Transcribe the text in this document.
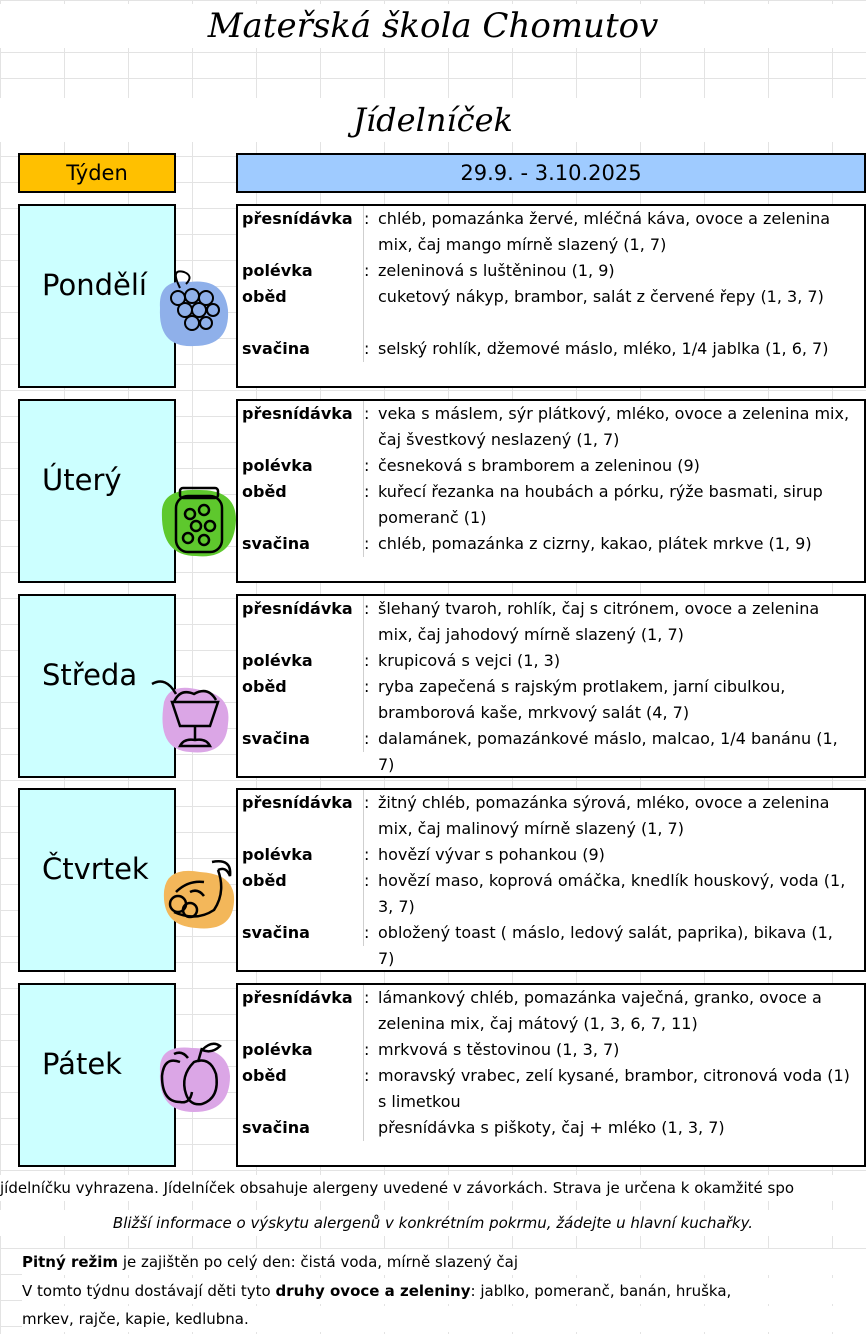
Mateřská škola Chomutov
Jídelníček
Týden	29.9. - 3.10.2025
Pondělí
přesnídávka : chléb, pomazánka žervé, mléčná káva, ovoce a zelenina mix, čaj mango mírně slazený (1, 7)
polévka	: zeleninová s luštěninou (1, 9)
oběd	cuketový nákyp, brambor, salát z červené řepy (1, 3, 7)
svačina	: selský rohlík, džemové máslo, mléko, 1/4 jablka (1, 6, 7)
Úterý
přesnídávka : veka s máslem, sýr plátkový, mléko, ovoce a zelenina mix, čaj švestkový neslazený (1, 7)
polévka	: česneková s bramborem a zeleninou (9)
oběd	: kuřecí řezanka na houbách a pórku, rýže basmati, sirup pomeranč (1)
svačina	: chléb, pomazánka z cizrny, kakao, plátek mrkve (1, 9)
Středa
přesnídávka : šlehaný tvaroh, rohlík, čaj s citrónem, ovoce a zelenina mix, čaj jahodový mírně slazený (1, 7)
polévka	: krupicová s vejci (1, 3)
oběd	: ryba zapečená s rajským protlakem, jarní cibulkou, bramborová kaše, mrkvový salát (4, 7)
svačina	: dalamánek, pomazánkové máslo, malcao, 1/4 banánu (1, 7)
Čtvrtek
přesnídávka : žitný chléb, pomazánka sýrová, mléko, ovoce a zelenina mix, čaj malinový mírně slazený (1, 7)
polévka	: hovězí vývar s pohankou (9)
oběd	: hovězí maso, koprová omáčka, knedlík houskový, voda (1, 3, 7)
svačina	: obložený toast ( máslo, ledový salát, paprika), bikava (1, 7)
Pátek
přesnídávka : lámankový chléb, pomazánka vaječná, granko, ovoce a zelenina mix, čaj mátový (1, 3, 6, 7, 11)
polévka	: mrkvová s těstovinou (1, 3, 7)
oběd	: moravský vrabec, zelí kysané, brambor, citronová voda (1) s limetkou
svačina	přesnídávka s piškoty, čaj + mléko (1, 3, 7)
jídelníčku vyhrazena. Jídelníček obsahuje alergeny uvedené v závorkách. Strava je určena k okamžité spo
Bližší informace o výskytu alergenů v konkrétním pokrmu, žádejte u hlavní kuchařky.
Pitný režim je zajištěn po celý den: čistá voda, mírně slazený čaj
V tomto týdnu dostávají děti tyto druhy ovoce a zeleniny: jablko, pomeranč, banán, hruška,
mrkev, rajče, kapie, kedlubna.
